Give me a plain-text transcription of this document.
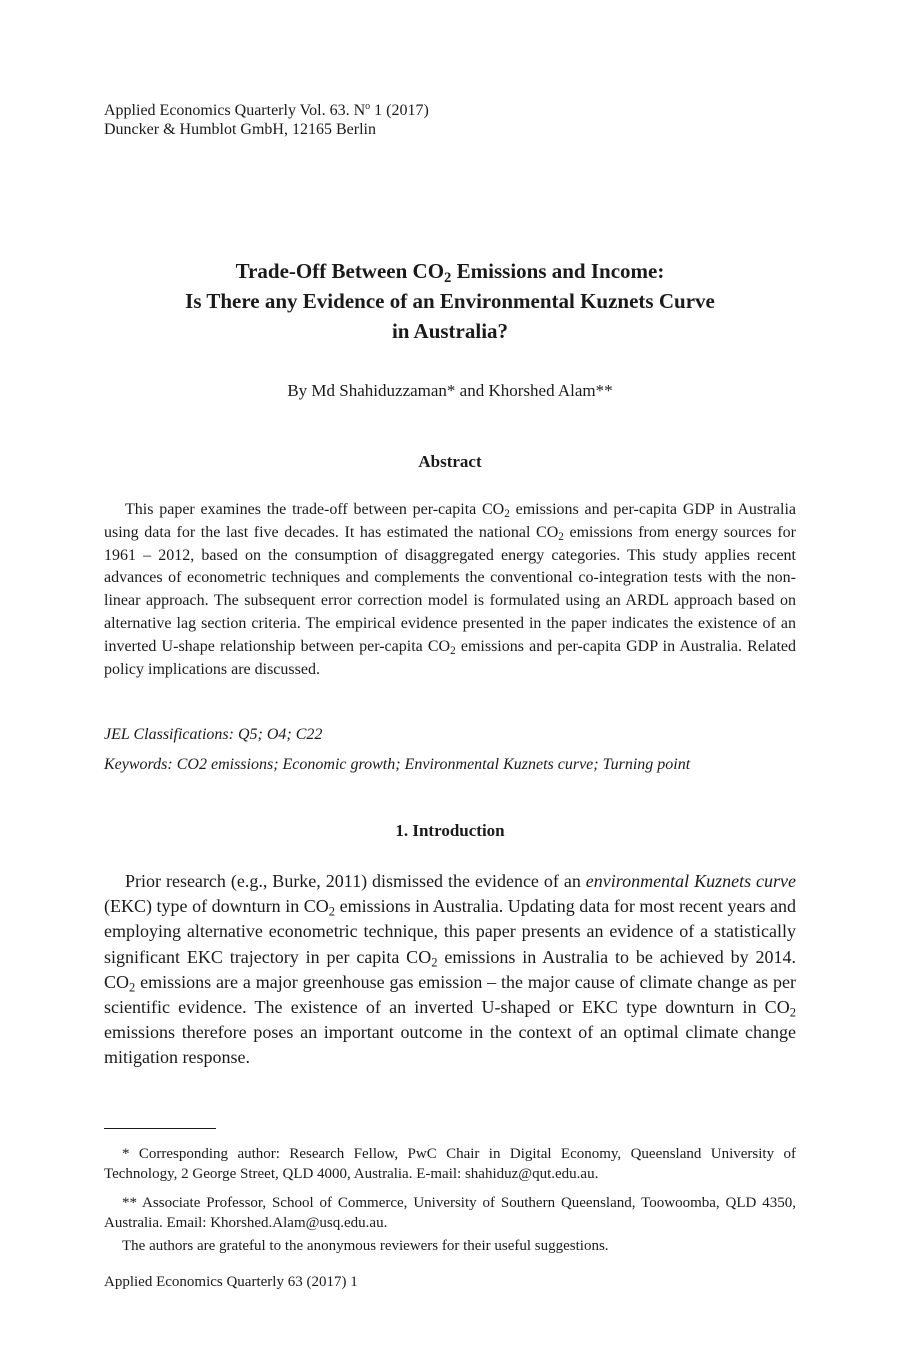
Applied Economics Quarterly Vol. 63. $N^o$ 1 (2017)
Duncker & Humblot GmbH, 12165 Berlin
Trade-Off Between $CO_2$ Emissions and Income:
Is There any Evidence of an Environmental Kuznets Curve
in Australia?
By Md Shahiduzzaman* and Khorshed Alam**
Abstract
This paper examines the trade-off between per-capita $CO_2$ emissions and per-capita GDP in Australia using data for the last five decades. It has estimated the national $CO_2$ emissions from energy sources for 1961 – 2012, based on the consumption of disaggregated energy categories. This study applies recent advances of econometric techniques and complements the conventional co-integration tests with the non-linear approach. The subsequent error correction model is formulated using an ARDL approach based on alternative lag section criteria. The empirical evidence presented in the paper indicates the existence of an inverted U-shape relationship between per-capita $CO_2$ emissions and per-capita GDP in Australia. Related policy implications are discussed.
JEL Classifications: Q5; O4; C22
Keywords: CO2 emissions; Economic growth; Environmental Kuznets curve; Turning point
1. Introduction
Prior research (e.g., Burke, 2011) dismissed the evidence of an environmental Kuznets curve (EKC) type of downturn in $CO_2$ emissions in Australia. Updating data for most recent years and employing alternative econometric technique, this paper presents an evidence of a statistically significant EKC trajectory in per capita $CO_2$ emissions in Australia to be achieved by 2014. $CO_2$ emissions are a major greenhouse gas emission – the major cause of climate change as per scientific evidence. The existence of an inverted U-shaped or EKC type downturn in $CO_2$ emissions therefore poses an important outcome in the context of an optimal climate change mitigation response.
* Corresponding author: Research Fellow, PwC Chair in Digital Economy, Queensland University of Technology, 2 George Street, QLD 4000, Australia. E-mail: shahiduz@qut.edu.au.
** Associate Professor, School of Commerce, University of Southern Queensland, Toowoomba, QLD 4350, Australia. Email: Khorshed.Alam@usq.edu.au.
The authors are grateful to the anonymous reviewers for their useful suggestions.
Applied Economics Quarterly 63 (2017) 1
